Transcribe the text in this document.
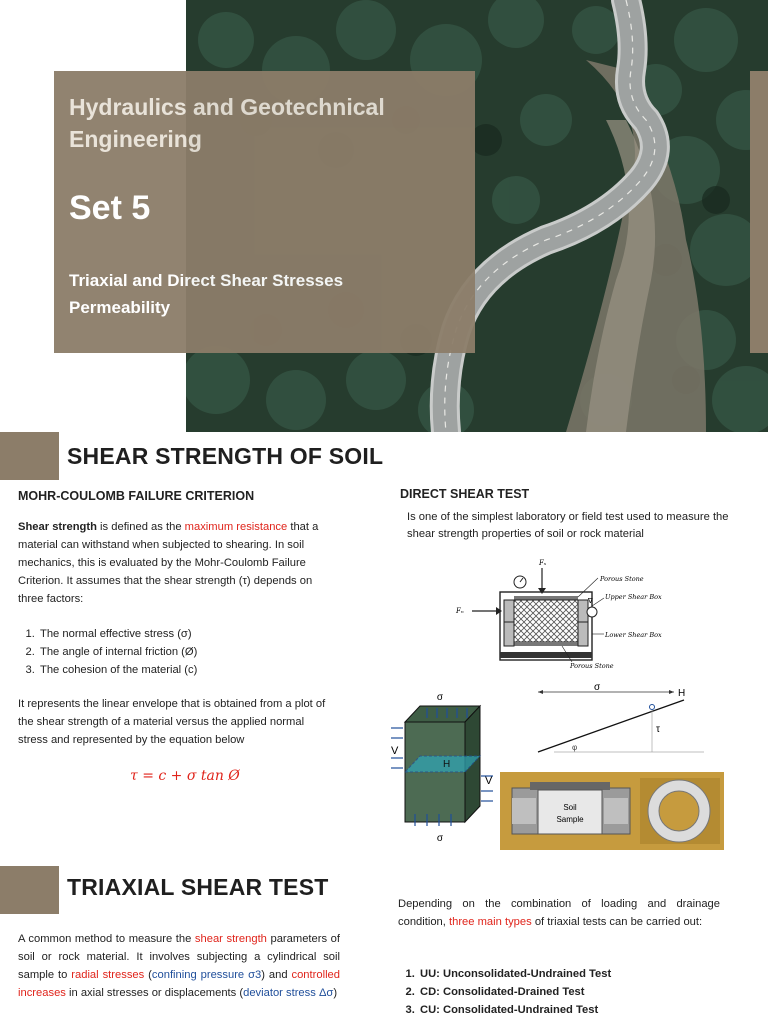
Hydraulics and Geotechnical Engineering
Set 5
Triaxial and Direct Shear Stresses
Permeability
SHEAR STRENGTH OF SOIL
MOHR-COULOMB FAILURE CRITERION
Shear strength is defined as the maximum resistance that a material can withstand when subjected to shearing. In soil mechanics, this is evaluated by the Mohr-Coulomb Failure Criterion. It assumes that the shear strength (τ) depends on three factors:
1. The normal effective stress (σ)
2. The angle of internal friction (Ø)
3. The cohesion of the material (c)
It represents the linear envelope that is obtained from a plot of the shear strength of a material versus the applied normal stress and represented by the equation below
τ = c + σ tan Ø
DIRECT SHEAR TEST
Is one of the simplest laboratory or field test used to measure the shear strength properties of soil or rock material
Fₛ
Fₙ
∇
Porous Stone
Upper Shear Box
Lower Shear Box
Porous Stone
σ
σ
V
V
H
σ
H
τ
φ
Soil
Sample
TRIAXIAL SHEAR TEST
A common method to measure the shear strength parameters of soil or rock material. It involves subjecting a cylindrical soil sample to radial stresses (confining pressure σ3) and controlled increases in axial stresses or displacements (deviator stress Δσ)
Depending on the combination of loading and drainage condition, three main types of triaxial tests can be carried out:
1. UU: Unconsolidated-Undrained Test
2. CD: Consolidated-Drained Test
3. CU: Consolidated-Undrained Test
